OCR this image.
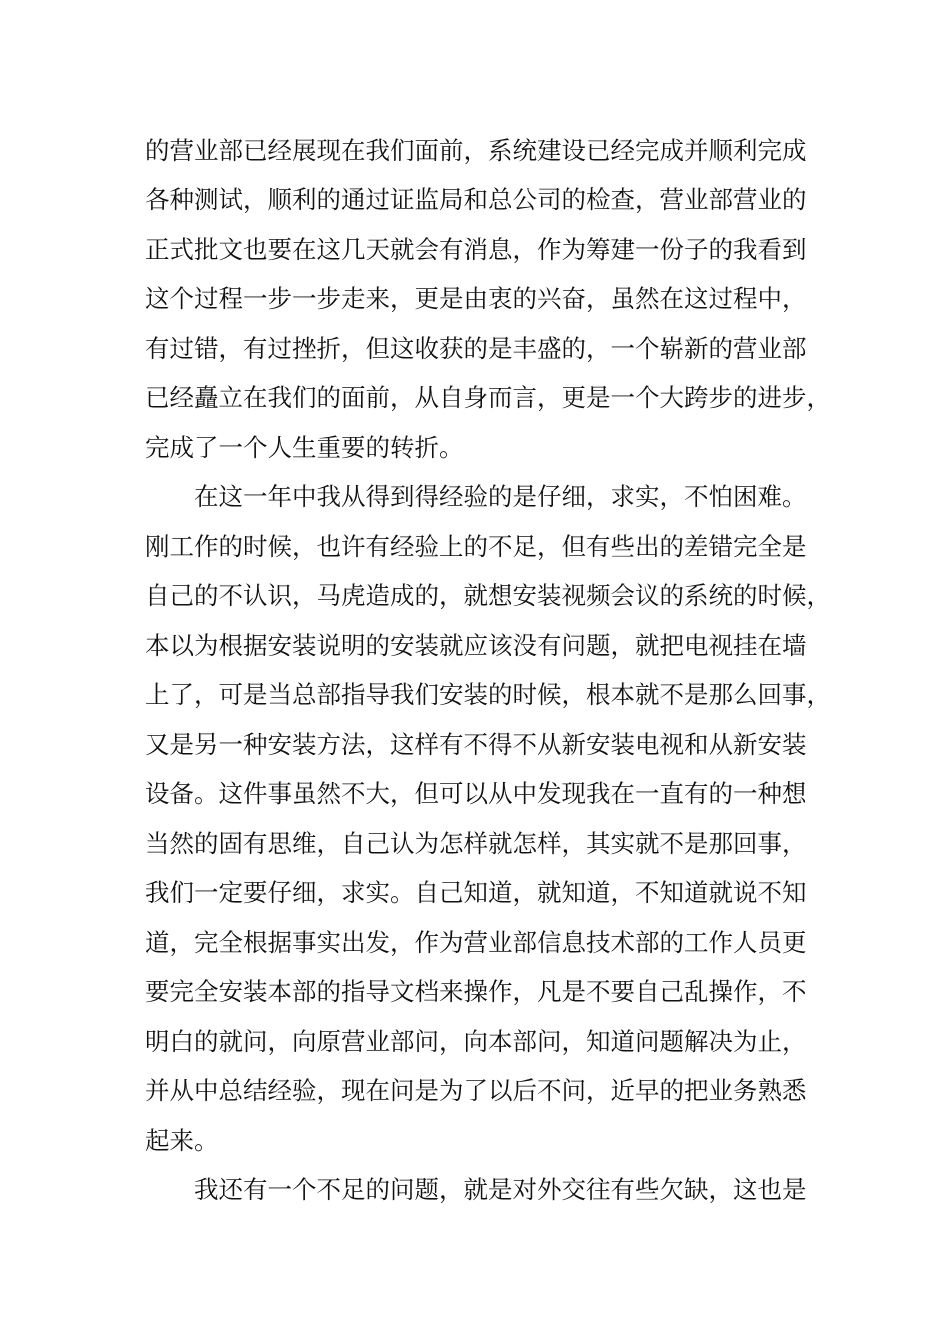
的营业部已经展现在我们面前，系统建设已经完成并顺利完成
各种测试，顺利的通过证监局和总公司的检查，营业部营业的
正式批文也要在这几天就会有消息，作为筹建一份子的我看到
这个过程一步一步走来，更是由衷的兴奋，虽然在这过程中，
有过错，有过挫折，但这收获的是丰盛的，一个崭新的营业部
已经矗立在我们的面前，从自身而言，更是一个大跨步的进步，
完成了一个人生重要的转折。
在这一年中我从得到得经验的是仔细，求实，不怕困难。
刚工作的时候，也许有经验上的不足，但有些出的差错完全是
自己的不认识，马虎造成的，就想安装视频会议的系统的时候，
本以为根据安装说明的安装就应该没有问题，就把电视挂在墙
上了，可是当总部指导我们安装的时候，根本就不是那么回事，
又是另一种安装方法，这样有不得不从新安装电视和从新安装
设备。这件事虽然不大，但可以从中发现我在一直有的一种想
当然的固有思维，自己认为怎样就怎样，其实就不是那回事，
我们一定要仔细，求实。自己知道，就知道，不知道就说不知
道，完全根据事实出发，作为营业部信息技术部的工作人员更
要完全安装本部的指导文档来操作，凡是不要自己乱操作，不
明白的就问，向原营业部问，向本部问，知道问题解决为止，
并从中总结经验，现在问是为了以后不问，近早的把业务熟悉
起来。
我还有一个不足的问题，就是对外交往有些欠缺，这也是
